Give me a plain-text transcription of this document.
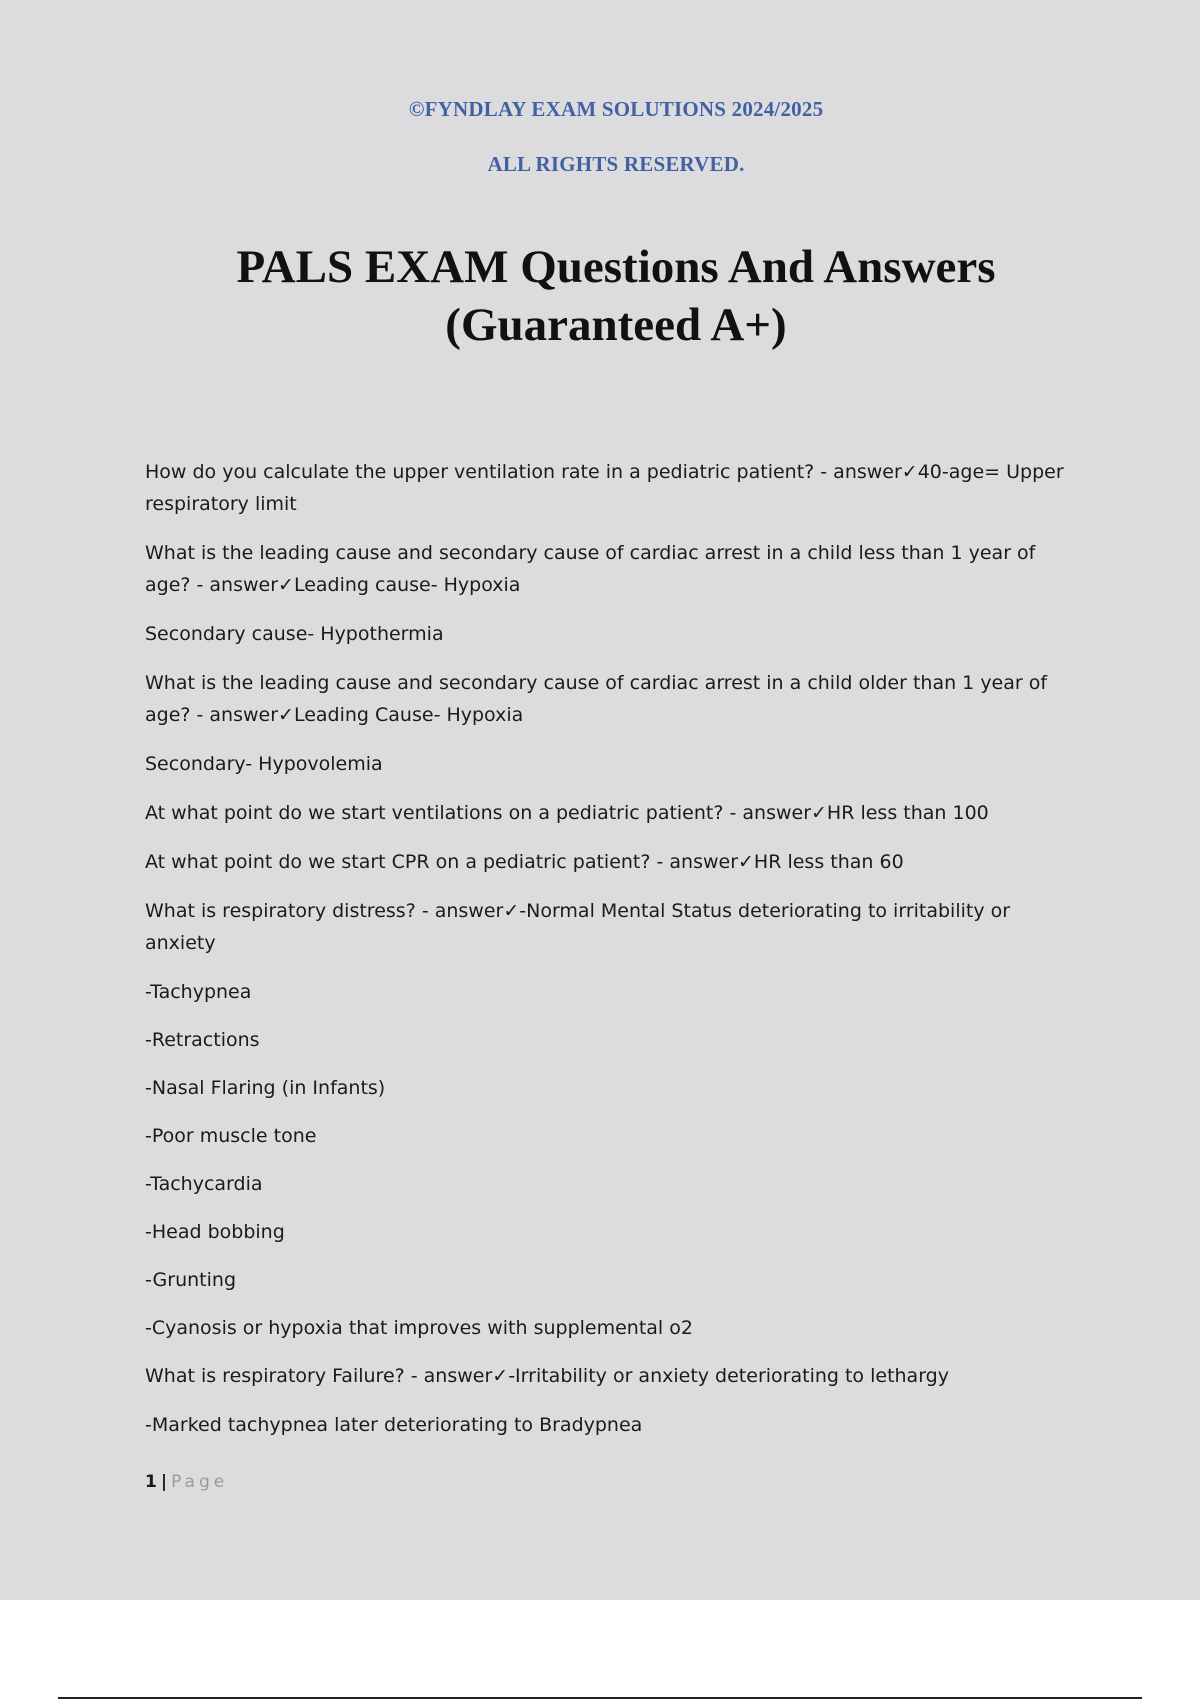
©FYNDLAY EXAM SOLUTIONS 2024/2025
ALL RIGHTS RESERVED.
PALS EXAM Questions And Answers
(Guaranteed A+)

How do you calculate the upper ventilation rate in a pediatric patient? - answer✓40-age= Upper respiratory limit

What is the leading cause and secondary cause of cardiac arrest in a child less than 1 year of age? - answer✓Leading cause- Hypoxia

Secondary cause- Hypothermia

What is the leading cause and secondary cause of cardiac arrest in a child older than 1 year of age? - answer✓Leading Cause- Hypoxia

Secondary- Hypovolemia

At what point do we start ventilations on a pediatric patient? - answer✓HR less than 100

At what point do we start CPR on a pediatric patient? - answer✓HR less than 60

What is respiratory distress? - answer✓-Normal Mental Status deteriorating to irritability or anxiety

-Tachypnea

-Retractions

-Nasal Flaring (in Infants)

-Poor muscle tone

-Tachycardia

-Head bobbing

-Grunting

-Cyanosis or hypoxia that improves with supplemental o2

What is respiratory Failure? - answer✓-Irritability or anxiety deteriorating to lethargy

-Marked tachypnea later deteriorating to Bradypnea

1 | Page
